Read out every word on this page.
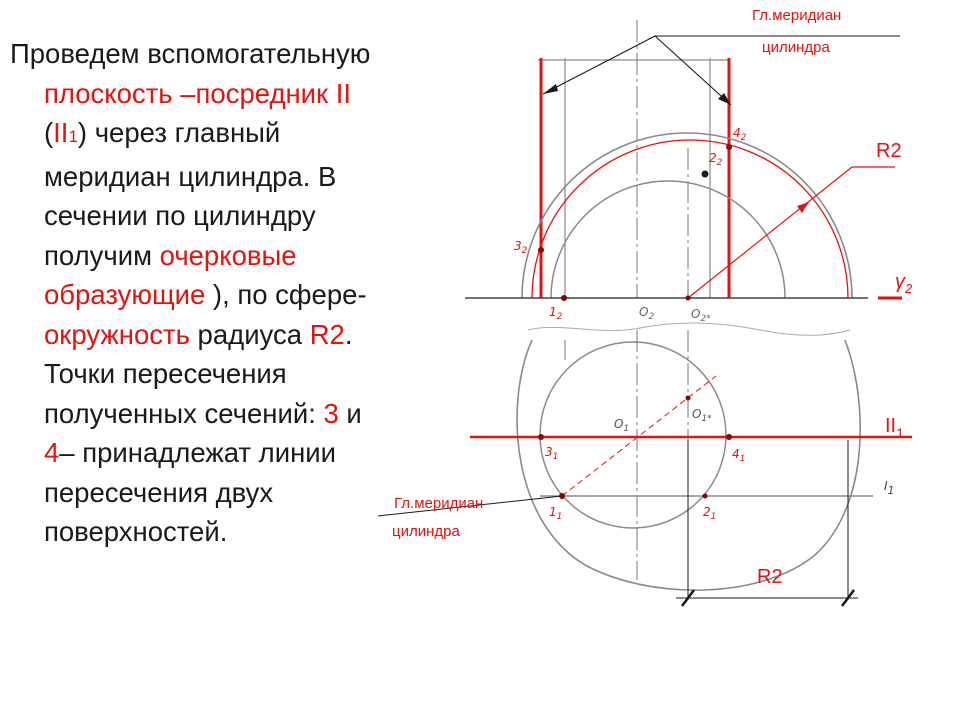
Проведем вспомогательную
плоскость –посредник II
(II1) через главный
меридиан цилиндра. В
сечении по цилиндру
получим очерковые
образующие ), по сфере-
окружность радиуса R2.
Точки пересечения
полученных сечений: 3 и
4– принадлежат линии
пересечения двух
поверхностей.
Гл.меридиан
цилиндра
R2
$\gamma_2$
$1_2$
$2_2$
$3_2$
$4_2$
$O_2$	$O_{2*}$
Гл.меридиан
цилиндра
R2
$II_1$
I1
$3_1$	$4_1$
$1_1$	$2_1$
$O_1$
$O_{1*}$
